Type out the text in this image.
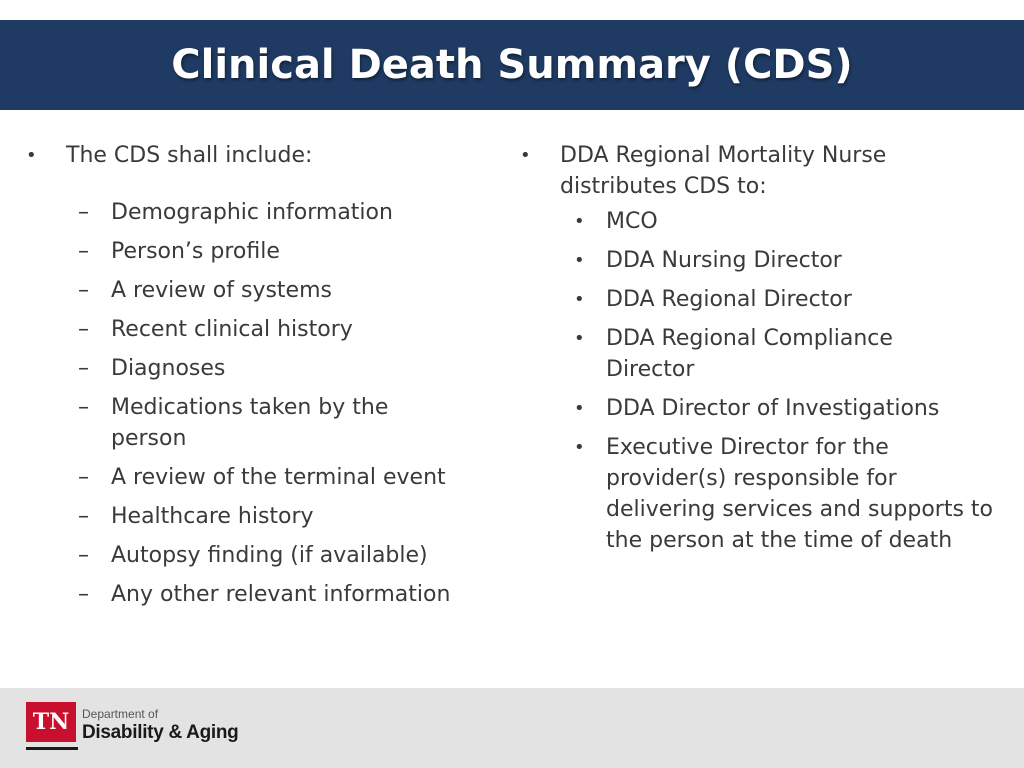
Clinical Death Summary (CDS)
• The CDS shall include:
– Demographic information
– Person’s profile
– A review of systems
– Recent clinical history
– Diagnoses
– Medications taken by the person
– A review of the terminal event
– Healthcare history
– Autopsy finding (if available)
– Any other relevant information
• DDA Regional Mortality Nurse distributes CDS to:
• MCO
• DDA Nursing Director
• DDA Regional Director
• DDA Regional Compliance Director
• DDA Director of Investigations
• Executive Director for the provider(s) responsible for delivering services and supports to the person at the time of death
TN Department of
Disability & Aging
